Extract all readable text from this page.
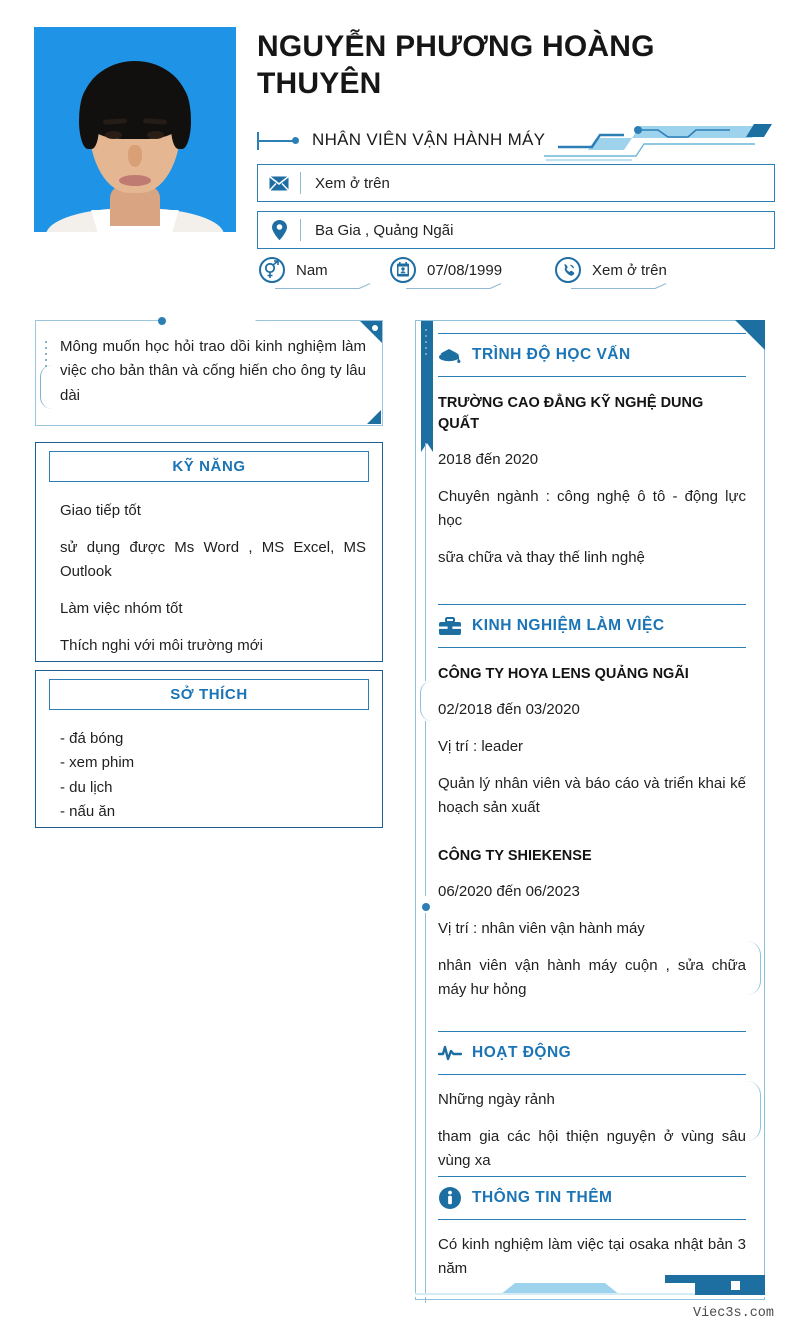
NGUYỄN PHƯƠNG HOÀNG THUYÊN
NHÂN VIÊN VẬN HÀNH MÁY
Xem ở trên
Ba Gia , Quảng Ngãi
Nam	07/08/1999	Xem ở trên
Mông muốn học hỏi trao dồi kinh nghiệm làm việc cho bản thân và cống hiến cho ông ty lâu dài
KỸ NĂNG
Giao tiếp tốt
sử dụng được Ms Word , MS Excel, MS Outlook
Làm việc nhóm tốt
Thích nghi với môi trường mới
SỞ THÍCH
- đá bóng
- xem phim
- du lịch
- nấu ăn
TRÌNH ĐỘ HỌC VẤN
TRƯỜNG CAO ĐẲNG KỸ NGHỆ DUNG QUẤT
2018 đến 2020
Chuyên ngành : công nghệ ô tô - động lực học
sữa chữa và thay thế linh nghệ
KINH NGHIỆM LÀM VIỆC
CÔNG TY HOYA LENS QUẢNG NGÃI
02/2018 đến 03/2020
Vị trí : leader
Quản lý nhân viên và báo cáo và triển khai kế hoạch sản xuất
CÔNG TY SHIEKENSE
06/2020 đến 06/2023
Vị trí : nhân viên vận hành máy
nhân viên vận hành máy cuộn , sửa chữa máy hư hỏng
HOẠT ĐỘNG
Những ngày rảnh
tham gia các hội thiện nguyện ở vùng sâu vùng xa
THÔNG TIN THÊM
Có kinh nghiệm làm việc tại osaka nhật bản 3 năm
Viec3s.com
